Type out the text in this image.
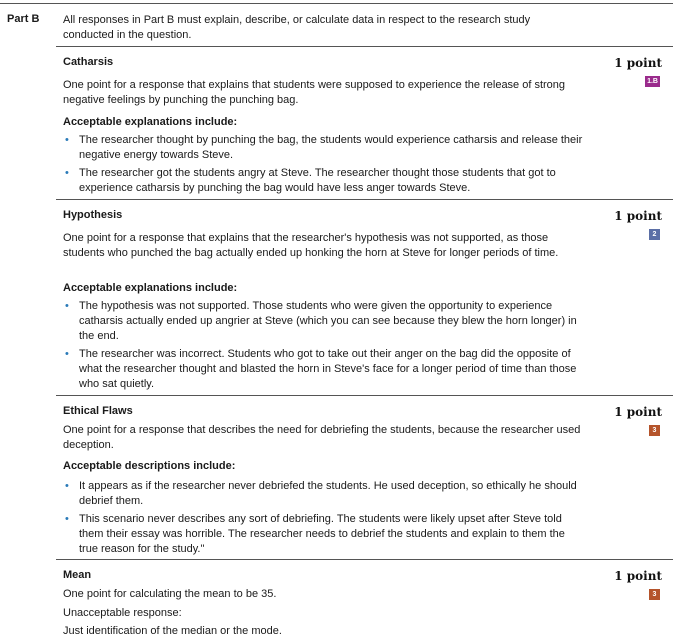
Part B All responses in Part B must explain, describe, or calculate data in respect to the research study conducted in the question.
Catharsis	1 point
1.B
One point for a response that explains that students were supposed to experience the release of strong negative feelings by punching the punching bag.
Acceptable explanations include:
• The researcher thought by punching the bag, the students would experience catharsis and release their negative energy towards Steve.
• The researcher got the students angry at Steve. The researcher thought those students that got to experience catharsis by punching the bag would have less anger towards Steve.
Hypothesis	1 point
2
One point for a response that explains that the researcher's hypothesis was not supported, as those students who punched the bag actually ended up honking the horn at Steve for longer periods of time.
Acceptable explanations include:
• The hypothesis was not supported. Those students who were given the opportunity to experience catharsis actually ended up angrier at Steve (which you can see because they blew the horn longer) in the end.
• The researcher was incorrect. Students who got to take out their anger on the bag did the opposite of what the researcher thought and blasted the horn in Steve's face for a longer period of time than those who sat quietly.
Ethical Flaws	1 point
3
One point for a response that describes the need for debriefing the students, because the researcher used deception.
Acceptable descriptions include:
• It appears as if the researcher never debriefed the students. He used deception, so ethically he should debrief them.
• This scenario never describes any sort of debriefing. The students were likely upset after Steve told them their essay was horrible. The researcher needs to debrief the students and explain to them the true reason for the study."
Mean	1 point
3
One point for calculating the mean to be 35.
Unacceptable response:
Just identification of the median or the mode.
